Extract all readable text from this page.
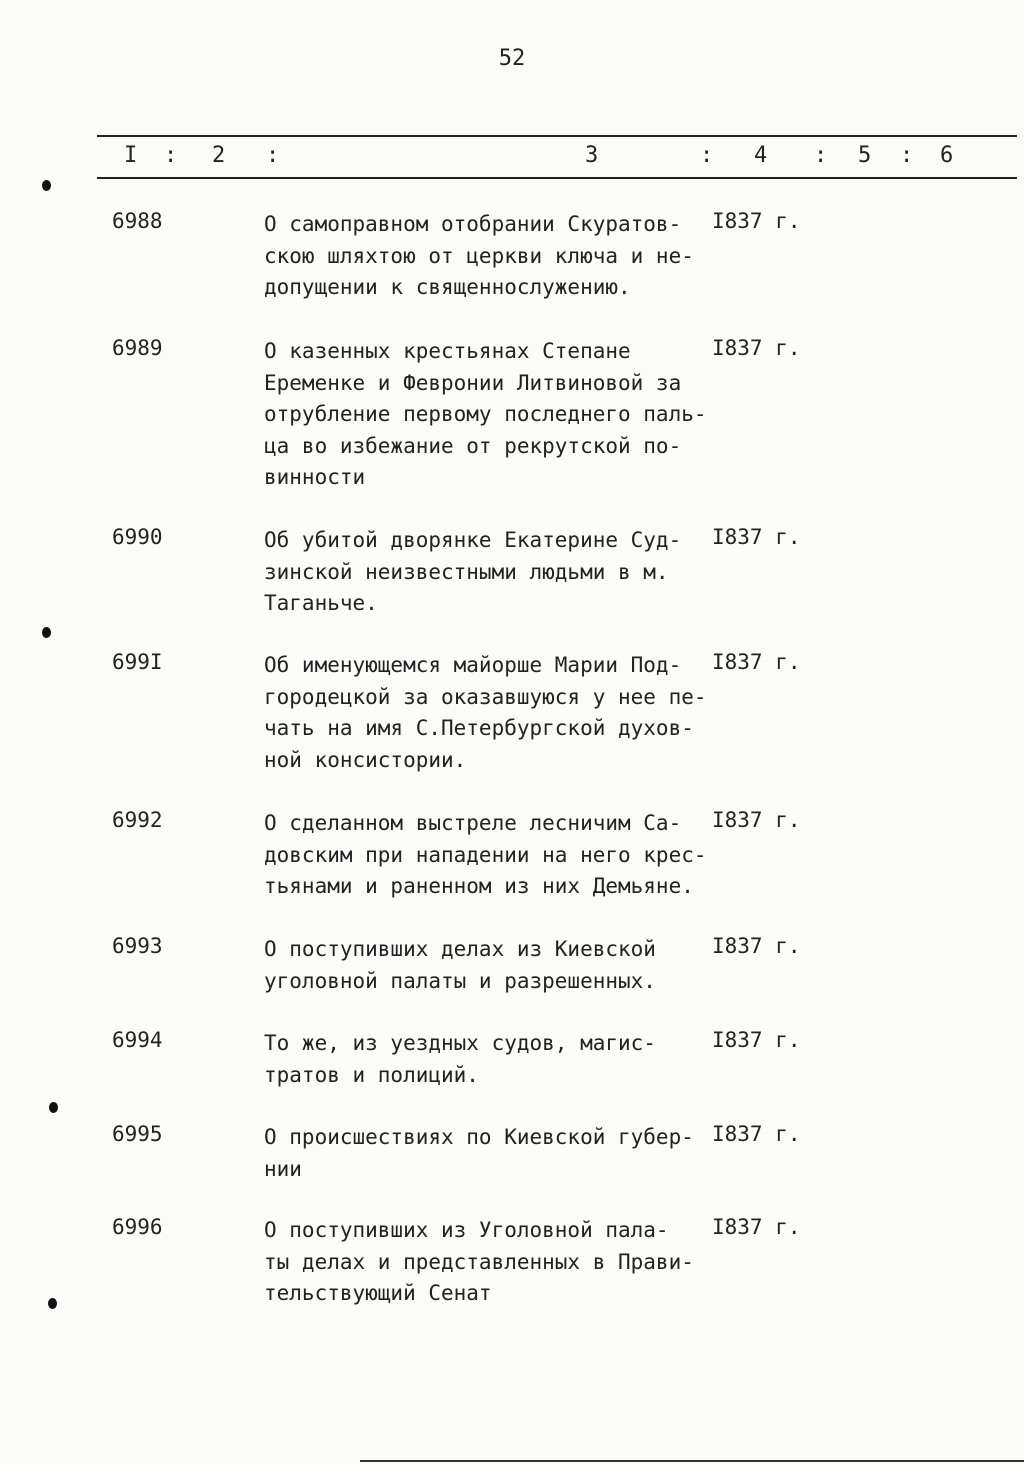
52
I : 2 :	3	: 4 : 5 : 6
6988	О самоправном отобрании Скуратов-
скою шляхтою от церкви ключа и не-
допущении к священнослужению.
I837 г.
6989	О казенных крестьянах Степане
Еременке и Февронии Литвиновой за
отрубление первому последнего паль-
ца во избежание от рекрутской по-
винности
I837 г.
6990	Об убитой дворянке Екатерине Суд-
зинской неизвестными людьми в м.
Таганьче.
I837 г.
699I	Об именующемся майорше Марии Под-
городецкой за оказавшуюся у нее пе-
чать на имя С.Петербургской духов-
ной консистории.
I837 г.
6992	О сделанном выстреле лесничим Са-
довским при нападении на него крес-
тьянами и раненном из них Демьяне.
I837 г.
6993	О поступивших делах из Киевской
уголовной палаты и разрешенных.
I837 г.
6994	То же, из уездных судов, магис-
тратов и полиций.
I837 г.
6995	О происшествиях по Киевской губер-
нии
I837 г.
6996	О поступивших из Уголовной пала-
ты делах и представленных в Прави-
тельствующий Сенат
I837 г.
